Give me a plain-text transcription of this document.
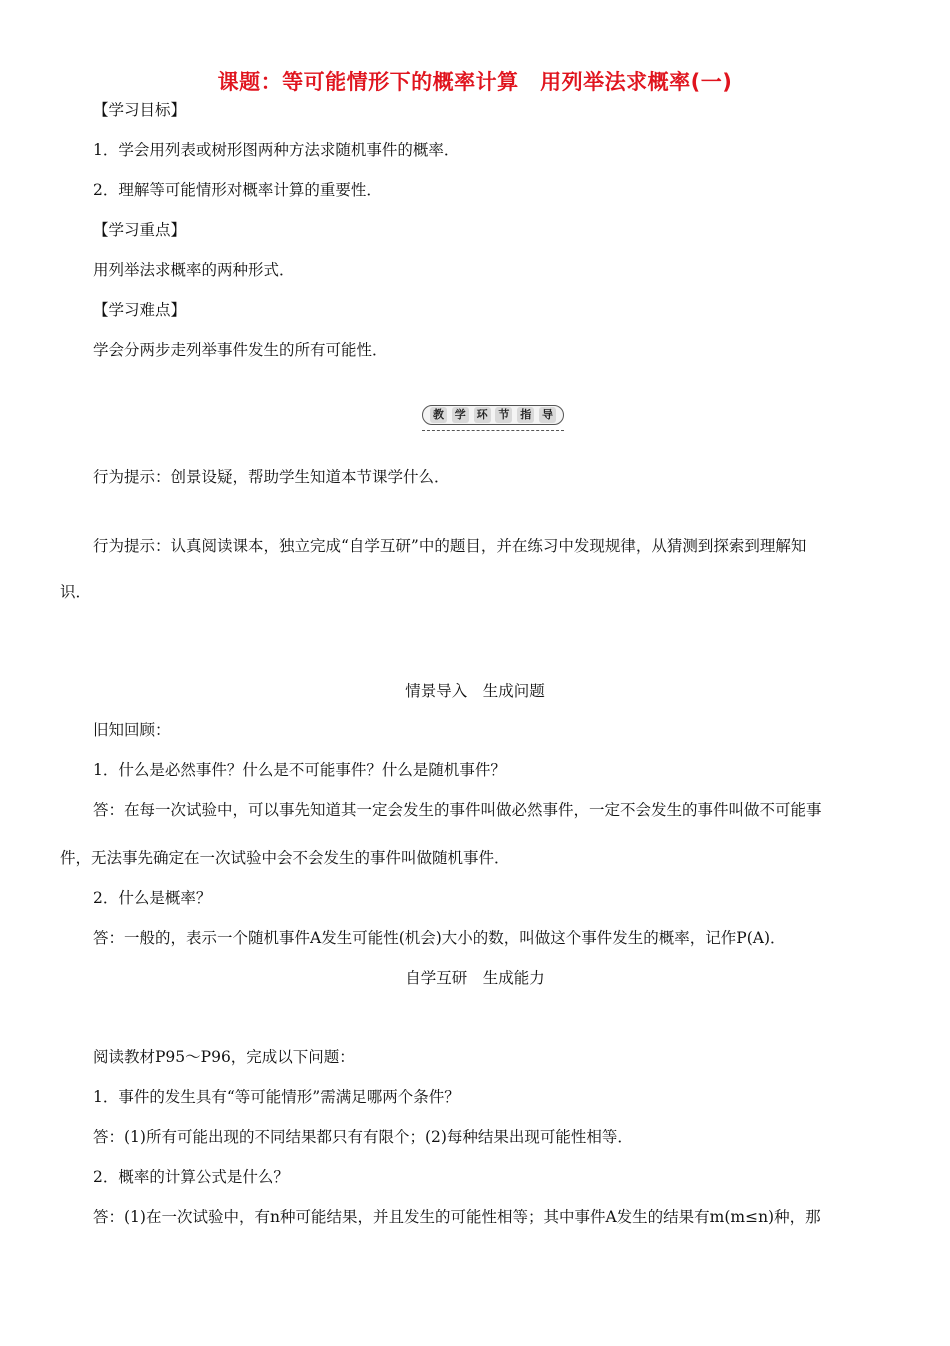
课题：等可能情形下的概率计算　用列举法求概率(一)
【学习目标】
1．学会用列表或树形图两种方法求随机事件的概率．
2．理解等可能情形对概率计算的重要性．
【学习重点】
用列举法求概率的两种形式．
【学习难点】
学会分两步走列举事件发生的所有可能性．
教 学 环 节 指 导
行为提示：创景设疑，帮助学生知道本节课学什么．
行为提示：认真阅读课本，独立完成“自学互研”中的题目，并在练习中发现规律，从猜测到探索到理解知
识．
情景导入　生成问题
旧知回顾：
1．什么是必然事件？什么是不可能事件？什么是随机事件？
答：在每一次试验中，可以事先知道其一定会发生的事件叫做必然事件，一定不会发生的事件叫做不可能事
件，无法事先确定在一次试验中会不会发生的事件叫做随机事件．
2．什么是概率？
答：一般的，表示一个随机事件A发生可能性(机会)大小的数，叫做这个事件发生的概率，记作P(A)．
自学互研　生成能力
阅读教材P95～P96，完成以下问题：
1．事件的发生具有“等可能情形”需满足哪两个条件？
答：(1)所有可能出现的不同结果都只有有限个；(2)每种结果出现可能性相等．
2．概率的计算公式是什么？
答：(1)在一次试验中，有n种可能结果，并且发生的可能性相等；其中事件A发生的结果有m(m≤n)种，那
